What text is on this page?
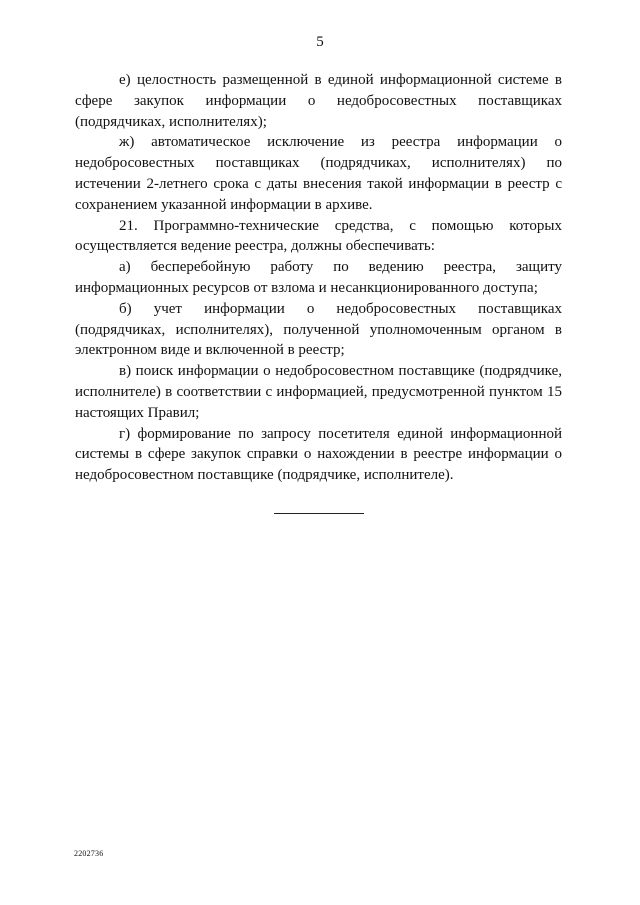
5

е) целостность размещенной в единой информационной системе в сфере закупок информации о недобросовестных поставщиках (подрядчиках, исполнителях);

ж) автоматическое исключение из реестра информации о недобросовестных поставщиках (подрядчиках, исполнителях) по истечении 2-летнего срока с даты внесения такой информации в реестр с сохранением указанной информации в архиве.

21. Программно-технические средства, с помощью которых осуществляется ведение реестра, должны обеспечивать:

а) бесперебойную работу по ведению реестра, защиту информационных ресурсов от взлома и несанкционированного доступа;

б) учет информации о недобросовестных поставщиках (подрядчиках, исполнителях), полученной уполномоченным органом в электронном виде и включенной в реестр;

в) поиск информации о недобросовестном поставщике (подрядчике, исполнителе) в соответствии с информацией, предусмотренной пунктом 15 настоящих Правил;

г) формирование по запросу посетителя единой информационной системы в сфере закупок справки о нахождении в реестре информации о недобросовестном поставщике (подрядчике, исполнителе).

2202736
